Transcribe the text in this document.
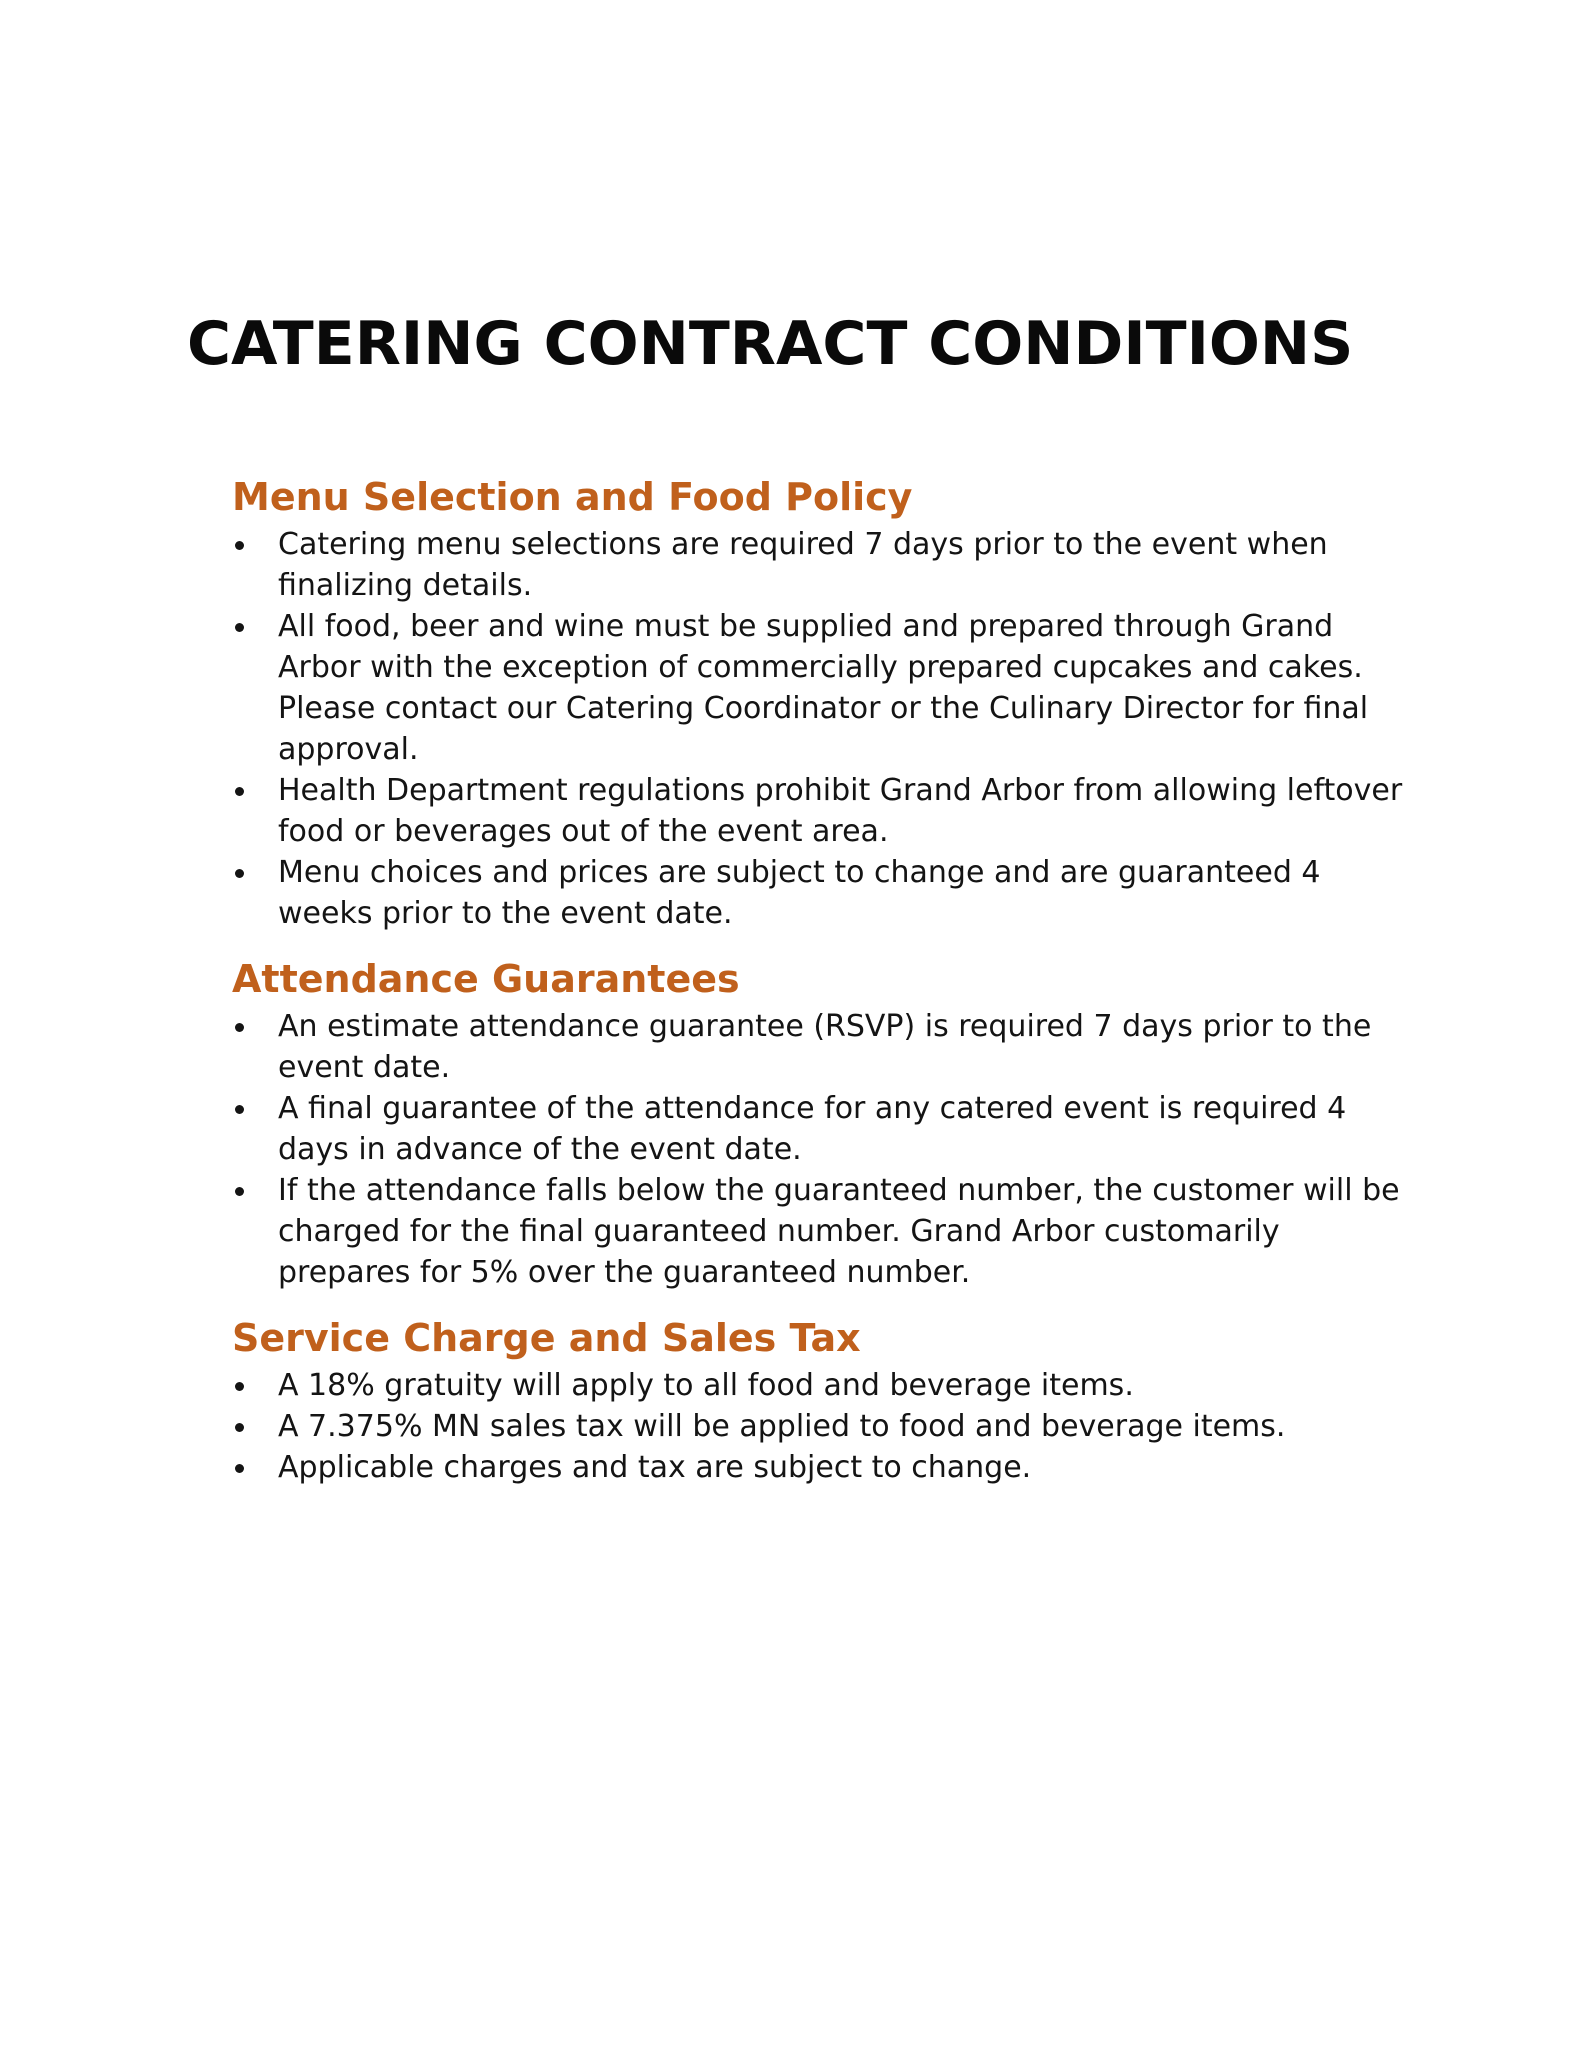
CATERING CONTRACT CONDITIONS
Menu Selection and Food Policy
Catering menu selections are required 7 days prior to the event when finalizing details.
All food, beer and wine must be supplied and prepared through Grand Arbor with the exception of commercially prepared cupcakes and cakes. Please contact our Catering Coordinator or the Culinary Director for final approval.
Health Department regulations prohibit Grand Arbor from allowing leftover food or beverages out of the event area.
Menu choices and prices are subject to change and are guaranteed 4 weeks prior to the event date.
Attendance Guarantees
An estimate attendance guarantee (RSVP) is required 7 days prior to the event date.
A final guarantee of the attendance for any catered event is required 4 days in advance of the event date.
If the attendance falls below the guaranteed number, the customer will be charged for the final guaranteed number. Grand Arbor customarily prepares for 5% over the guaranteed number.
Service Charge and Sales Tax
A 18% gratuity will apply to all food and beverage items.
A 7.375% MN sales tax will be applied to food and beverage items.
Applicable charges and tax are subject to change.
